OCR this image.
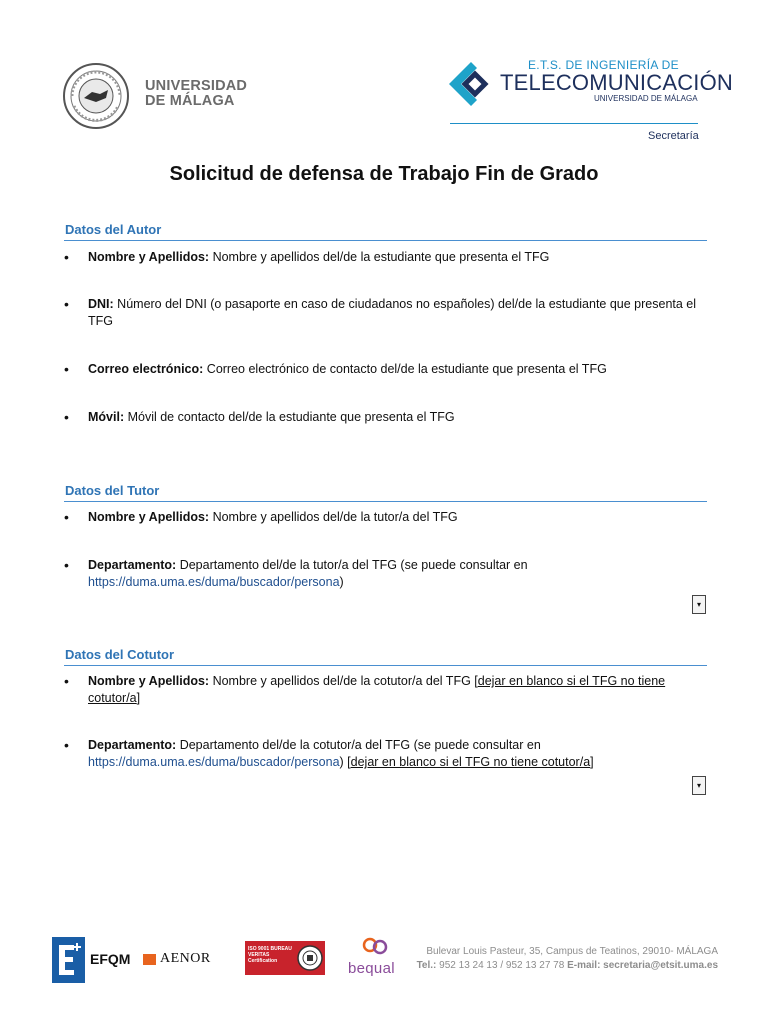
UNIVERSIDAD
DE MÁLAGA
E.T.S. DE INGENIERÍA DE
TELECOMUNICACIÓN
UNIVERSIDAD DE MÁLAGA
Secretaría
Solicitud de defensa de Trabajo Fin de Grado
Datos del Autor
•	Nombre y Apellidos: Nombre y apellidos del/de la estudiante que presenta el TFG
•	DNI: Número del DNI (o pasaporte en caso de ciudadanos no españoles) del/de la estudiante que presenta el TFG
•	Correo electrónico: Correo electrónico de contacto del/de la estudiante que presenta el TFG
•	Móvil: Móvil de contacto del/de la estudiante que presenta el TFG
Datos del Tutor
•	Nombre y Apellidos: Nombre y apellidos del/de la tutor/a del TFG
•	Departamento: Departamento del/de la tutor/a del TFG (se puede consultar en https://duma.uma.es/duma/buscador/persona)
▾
Datos del Cotutor
•	Nombre y Apellidos: Nombre y apellidos del/de la cotutor/a del TFG [dejar en blanco si el TFG no tiene cotutor/a]
•	Departamento: Departamento del/de la cotutor/a del TFG (se puede consultar en https://duma.uma.es/duma/buscador/persona) [dejar en blanco si el TFG no tiene cotutor/a]
▾
EFQM AENOR
ISO 9001 BUREAU VERITAS Certification	bequal
Bulevar Louis Pasteur, 35, Campus de Teatinos, 29010- MÁLAGA
Tel.: 952 13 24 13 / 952 13 27 78 E-mail: secretaria@etsit.uma.es
